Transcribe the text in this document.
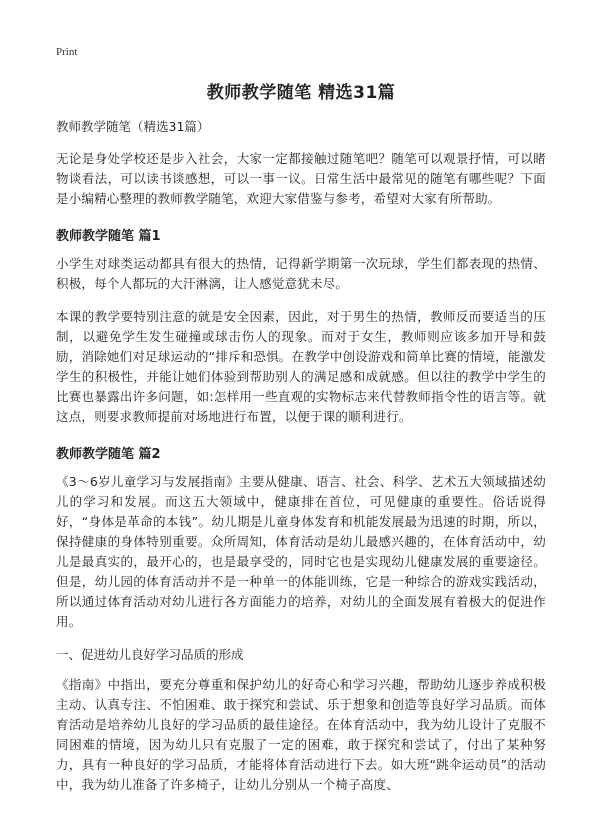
Print
教师教学随笔 精选31篇
教师教学随笔（精选31篇）

无论是身处学校还是步入社会，大家一定都接触过随笔吧？随笔可以观景抒情，可以睹物谈看法，可以读书谈感想，可以一事一议。日常生活中最常见的随笔有哪些呢？下面是小编精心整理的教师教学随笔，欢迎大家借鉴与参考，希望对大家有所帮助。

教师教学随笔 篇1

小学生对球类运动都具有很大的热情，记得新学期第一次玩球，学生们都表现的热情、积极，每个人都玩的大汗淋漓，让人感觉意犹未尽。

本课的教学要特别注意的就是安全因素，因此，对于男生的热情，教师反而要适当的压制，以避免学生发生碰撞或球击伤人的现象。而对于女生，教师则应该多加开导和鼓励，消除她们对足球运动的“排斥和恐惧。在教学中创设游戏和简单比赛的情境，能激发学生的积极性，并能让她们体验到帮助别人的满足感和成就感。但以往的教学中学生的比赛也暴露出许多问题，如:怎样用一些直观的实物标志来代替教师指令性的语言等。就这点，则要求教师提前对场地进行布置，以便于课的顺利进行。

教师教学随笔 篇2

《3～6岁儿童学习与发展指南》主要从健康、语言、社会、科学、艺术五大领域描述幼儿的学习和发展。而这五大领域中，健康排在首位，可见健康的重要性。俗话说得好，“身体是革命的本钱”。幼儿期是儿童身体发育和机能发展最为迅速的时期，所以，保持健康的身体特别重要。众所周知，体育活动是幼儿最感兴趣的，在体育活动中，幼儿是最真实的，最开心的，也是最享受的，同时它也是实现幼儿健康发展的重要途径。但是，幼儿园的体育活动并不是一种单一的体能训练，它是一种综合的游戏实践活动，所以通过体育活动对幼儿进行各方面能力的培养，对幼儿的全面发展有着极大的促进作用。

一、促进幼儿良好学习品质的形成

《指南》中指出，要充分尊重和保护幼儿的好奇心和学习兴趣，帮助幼儿逐步养成积极主动、认真专注、不怕困难、敢于探究和尝试、乐于想象和创造等良好学习品质。而体育活动是培养幼儿良好的学习品质的最佳途径。在体育活动中，我为幼儿设计了克服不同困难的情境，因为幼儿只有克服了一定的困难，敢于探究和尝试了，付出了某种努力，具有一种良好的学习品质，才能将体育活动进行下去。如大班“跳伞运动员”的活动中，我为幼儿准备了许多椅子，让幼儿分别从一个椅子高度、
